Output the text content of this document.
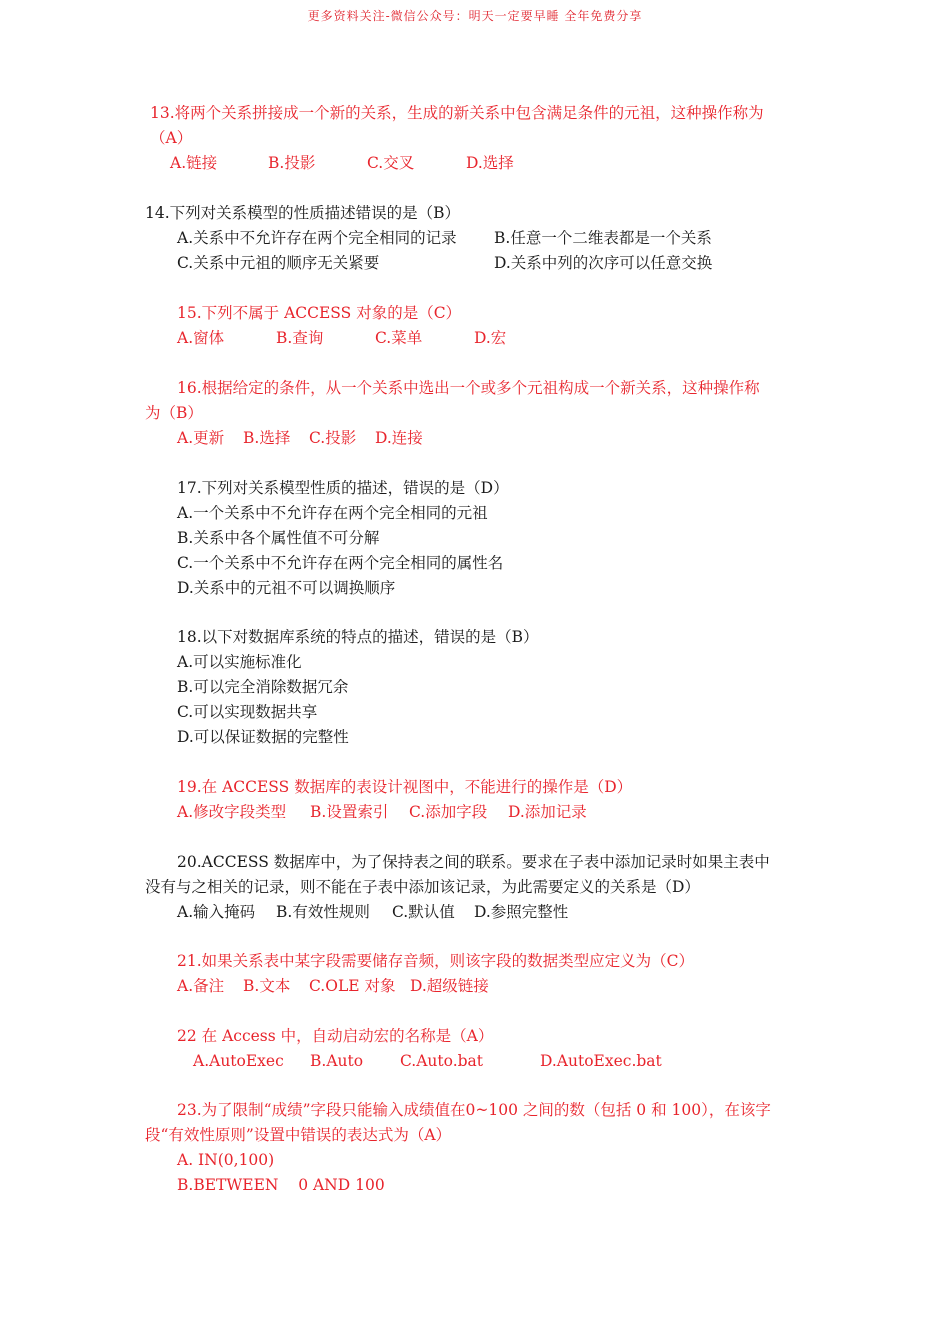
更多资料关注-微信公众号：明天一定要早睡 全年免费分享
13.将两个关系拼接成一个新的关系，生成的新关系中包含满足条件的元祖，这种操作称为
（A）
A.链接	B.投影	C.交叉	D.选择
14.下列对关系模型的性质描述错误的是（B）
A.关系中不允许存在两个完全相同的记录 B.任意一个二维表都是一个关系
C.关系中元祖的顺序无关紧要	D.关系中列的次序可以任意交换
15.下列不属于 ACCESS 对象的是（C）
A.窗体	B.查询	C.菜单	D.宏
16.根据给定的条件，从一个关系中选出一个或多个元祖构成一个新关系，这种操作称
为（B）
A.更新 B.选择 C.投影 D.连接
17.下列对关系模型性质的描述，错误的是（D）
A.一个关系中不允许存在两个完全相同的元祖
B.关系中各个属性值不可分解
C.一个关系中不允许存在两个完全相同的属性名
D.关系中的元祖不可以调换顺序
18.以下对数据库系统的特点的描述，错误的是（B）
A.可以实施标准化
B.可以完全消除数据冗余
C.可以实现数据共享
D.可以保证数据的完整性
19.在 ACCESS 数据库的表设计视图中，不能进行的操作是（D）
A.修改字段类型 B.设置索引 C.添加字段 D.添加记录
20.ACCESS 数据库中，为了保持表之间的联系。要求在子表中添加记录时如果主表中
没有与之相关的记录，则不能在子表中添加该记录，为此需要定义的关系是（D）
A.输入掩码 B.有效性规则 C.默认值 D.参照完整性
21.如果关系表中某字段需要储存音频，则该字段的数据类型应定义为（C）
A.备注 B.文本 C.OLE 对象 D.超级链接
22 在 Access 中，自动启动宏的名称是（A）
A.AutoExec B.Auto C.Auto.bat	D.AutoExec.bat
23.为了限制“成绩”字段只能输入成绩值在0~100 之间的数（包括 0 和 100），在该字
段“有效性原则”设置中错误的表达式为（A）
A. IN(0,100)
B.BETWEEN    0 AND 100
